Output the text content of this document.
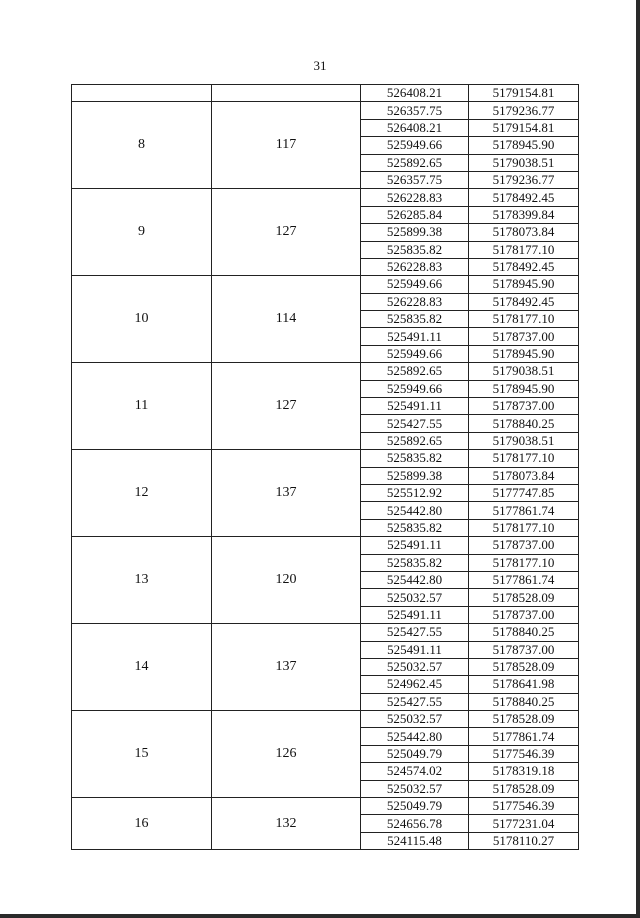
31
		526408.21	5179154.81
8	117	526357.75	5179236.77
		526408.21	5179154.81
		525949.66	5178945.90
		525892.65	5179038.51
		526357.75	5179236.77
9	127	526228.83	5178492.45
		526285.84	5178399.84
		525899.38	5178073.84
		525835.82	5178177.10
		526228.83	5178492.45
10	114	525949.66	5178945.90
		526228.83	5178492.45
		525835.82	5178177.10
		525491.11	5178737.00
		525949.66	5178945.90
11	127	525892.65	5179038.51
		525949.66	5178945.90
		525491.11	5178737.00
		525427.55	5178840.25
		525892.65	5179038.51
12	137	525835.82	5178177.10
		525899.38	5178073.84
		525512.92	5177747.85
		525442.80	5177861.74
		525835.82	5178177.10
13	120	525491.11	5178737.00
		525835.82	5178177.10
		525442.80	5177861.74
		525032.57	5178528.09
		525491.11	5178737.00
14	137	525427.55	5178840.25
		525491.11	5178737.00
		525032.57	5178528.09
		524962.45	5178641.98
		525427.55	5178840.25
15	126	525032.57	5178528.09
		525442.80	5177861.74
		525049.79	5177546.39
		524574.02	5178319.18
		525032.57	5178528.09
16	132	525049.79	5177546.39
		524656.78	5177231.04
		524115.48	5178110.27
